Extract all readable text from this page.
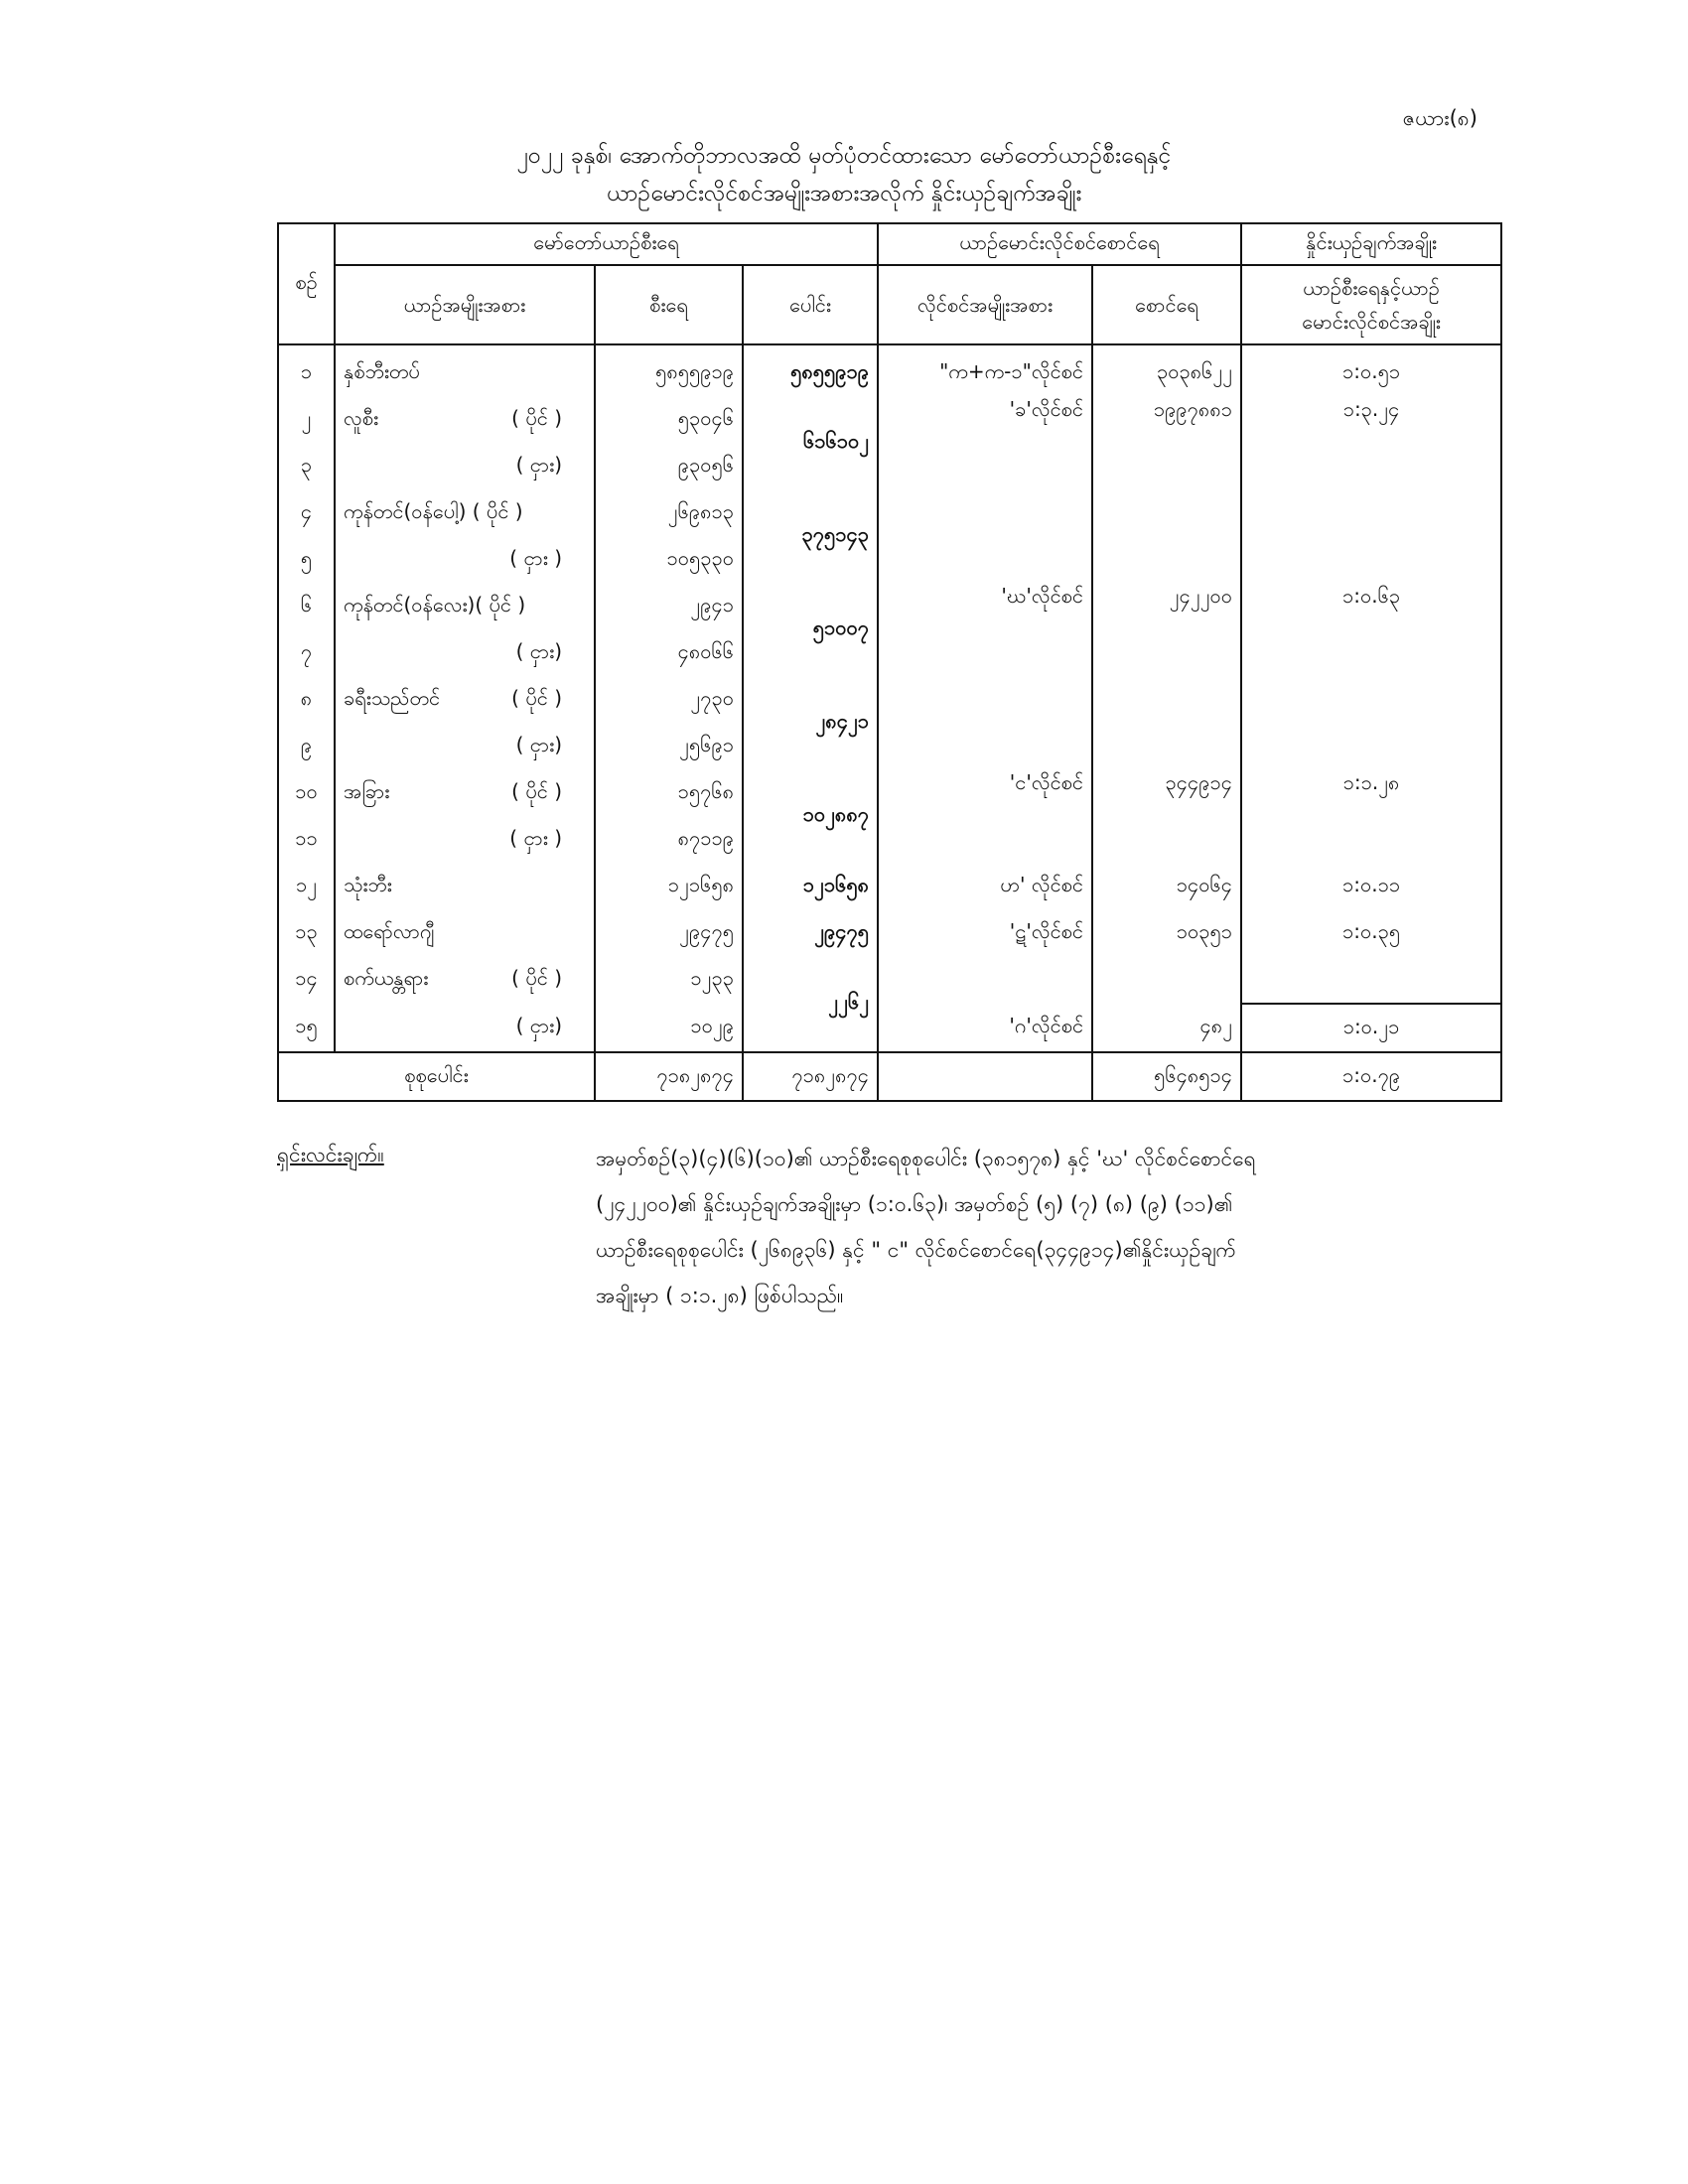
ဇယား(၈)
၂၀၂၂ ခုနှစ်၊ အောက်တိုဘာလအထိ မှတ်ပုံတင်ထားသော မော်တော်ယာဉ်စီးရေနှင့်
ယာဉ်မောင်းလိုင်စင်အမျိုးအစားအလိုက် နှိုင်းယှဉ်ချက်အချိုး
စဉ်	မော်တော်ယာဉ်စီးရေ			ယာဉ်မောင်းလိုင်စင်စောင်ရေ		နှိုင်းယှဉ်ချက်အချိုး
	ယာဉ်အမျိုးအစား	စီးရေ	ပေါင်း	လိုင်စင်အမျိုးအစား	စောင်ရေ	ယာဉ်စီးရေနှင့်ယာဉ်
မောင်းလိုင်စင်အချိုး

၁	နှစ်ဘီးတပ်	၅၈၅၅၉၁၉	၅၈၅၅၉၁၉	"က+က-၁"လိုင်စင်	၃၀၃၈၆၂၂	၁:၀.၅၁
၂	လူစီး ( ပိုင် )	၅၃၀၄၆	၆၁၆၁၀၂	'ခ'လိုင်စင်	၁၉၉၇၈၈၁	၁:၃.၂၄
၃	( ငှား)	၉၃၀၅၆				
၄	ကုန်တင်(ဝန်ပေါ့) ( ပိုင် )	၂၆၉၈၁၃	၃၇၅၁၄၃			
၅	( ငှား )	၁၀၅၃၃၀				
၆	ကုန်တင်(ဝန်လေး)( ပိုင် )	၂၉၄၁	၅၁၀၀၇	'ဃ'လိုင်စင်	၂၄၂၂၀၀	၁:၀.၆၃
၇	( ငှား)	၄၈၀၆၆				
၈	ခရီးသည်တင် ( ပိုင် )	၂၇၃၀	၂၈၄၂၁			
၉	( ငှား)	၂၅၆၉၁				
၁၀	အခြား ( ပိုင် )	၁၅၇၆၈	၁၀၂၈၈၇	'င'လိုင်စင်	၃၄၄၉၁၄	၁:၁.၂၈
၁၁	( ငှား )	၈၇၁၁၉				
၁၂	သုံးဘီး	၁၂၁၆၅၈	၁၂၁၆၅၈	ဟ' လိုင်စင်	၁၄၀၆၄	၁:၀.၁၁
၁၃	ထရော်လာဂျီ	၂၉၄၇၅	၂၉၄၇၅	'ဋ'လိုင်စင်	၁၀၃၅၁	၁:၀.၃၅
၁၄	စက်ယန္တရား ( ပိုင် )	၁၂၃၃	၂၂၆၂			
၁၅	( ငှား)	၁၀၂၉		'ဂ'လိုင်စင်	၄၈၂	၁:၀.၂၁
စုစုပေါင်း		၇၁၈၂၈၇၄	၇၁၈၂၈၇၄		၅၆၄၈၅၁၄	၁:၀.၇၉
ရှင်းလင်းချက်။	အမှတ်စဉ်(၃)(၄)(၆)(၁၀)၏ ယာဉ်စီးရေစုစုပေါင်း (၃၈၁၅၇၈) နှင့် 'ဃ' လိုင်စင်စောင်ရေ
(၂၄၂၂၀၀)၏ နှိုင်းယှဉ်ချက်အချိုးမှာ (၁:၀.၆၃)၊ အမှတ်စဉ် (၅) (၇) (၈) (၉) (၁၁)၏
ယာဉ်စီးရေစုစုပေါင်း (၂၆၈၉၃၆) နှင့် " င" လိုင်စင်စောင်ရေ(၃၄၄၉၁၄)၏နှိုင်းယှဉ်ချက်
အချိုးမှာ ( ၁:၁.၂၈) ဖြစ်ပါသည်။
